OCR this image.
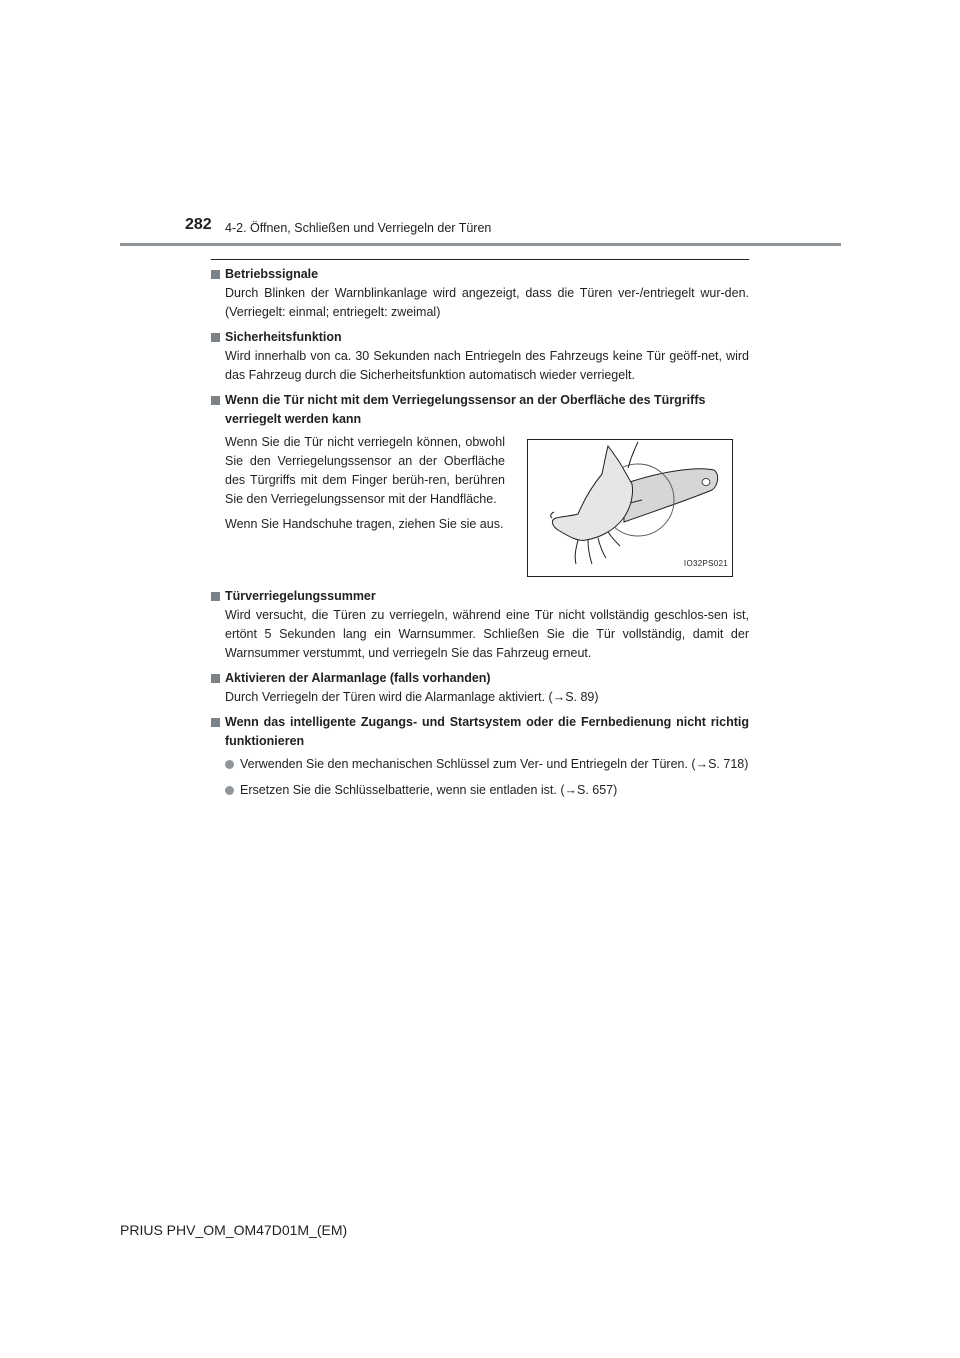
282 4-2. Öffnen, Schließen und Verriegeln der Türen
Betriebssignale
Durch Blinken der Warnblinkanlage wird angezeigt, dass die Türen ver-/entriegelt wur-den. (Verriegelt: einmal; entriegelt: zweimal)
Sicherheitsfunktion
Wird innerhalb von ca. 30 Sekunden nach Entriegeln des Fahrzeugs keine Tür geöff-net, wird das Fahrzeug durch die Sicherheitsfunktion automatisch wieder verriegelt.
Wenn die Tür nicht mit dem Verriegelungssensor an der Oberfläche des Türgriffs verriegelt werden kann

Wenn Sie die Tür nicht verriegeln können, obwohl Sie den Verriegelungssensor an der Oberfläche des Türgriffs mit dem Finger berüh-ren, berühren Sie den Verriegelungssensor mit der Handfläche.

Wenn Sie Handschuhe tragen, ziehen Sie sie aus.

IO32PS021
Türverriegelungssummer
Wird versucht, die Türen zu verriegeln, während eine Tür nicht vollständig geschlos-sen ist, ertönt 5 Sekunden lang ein Warnsummer. Schließen Sie die Tür vollständig, damit der Warnsummer verstummt, und verriegeln Sie das Fahrzeug erneut.
Aktivieren der Alarmanlage (falls vorhanden)
Durch Verriegeln der Türen wird die Alarmanlage aktiviert. (→S. 89)
Wenn das intelligente Zugangs- und Startsystem oder die Fernbedienung nicht richtig funktionieren
Verwenden Sie den mechanischen Schlüssel zum Ver- und Entriegeln der Türen. (→S. 718)
Ersetzen Sie die Schlüsselbatterie, wenn sie entladen ist. (→S. 657)
PRIUS PHV_OM_OM47D01M_(EM)
